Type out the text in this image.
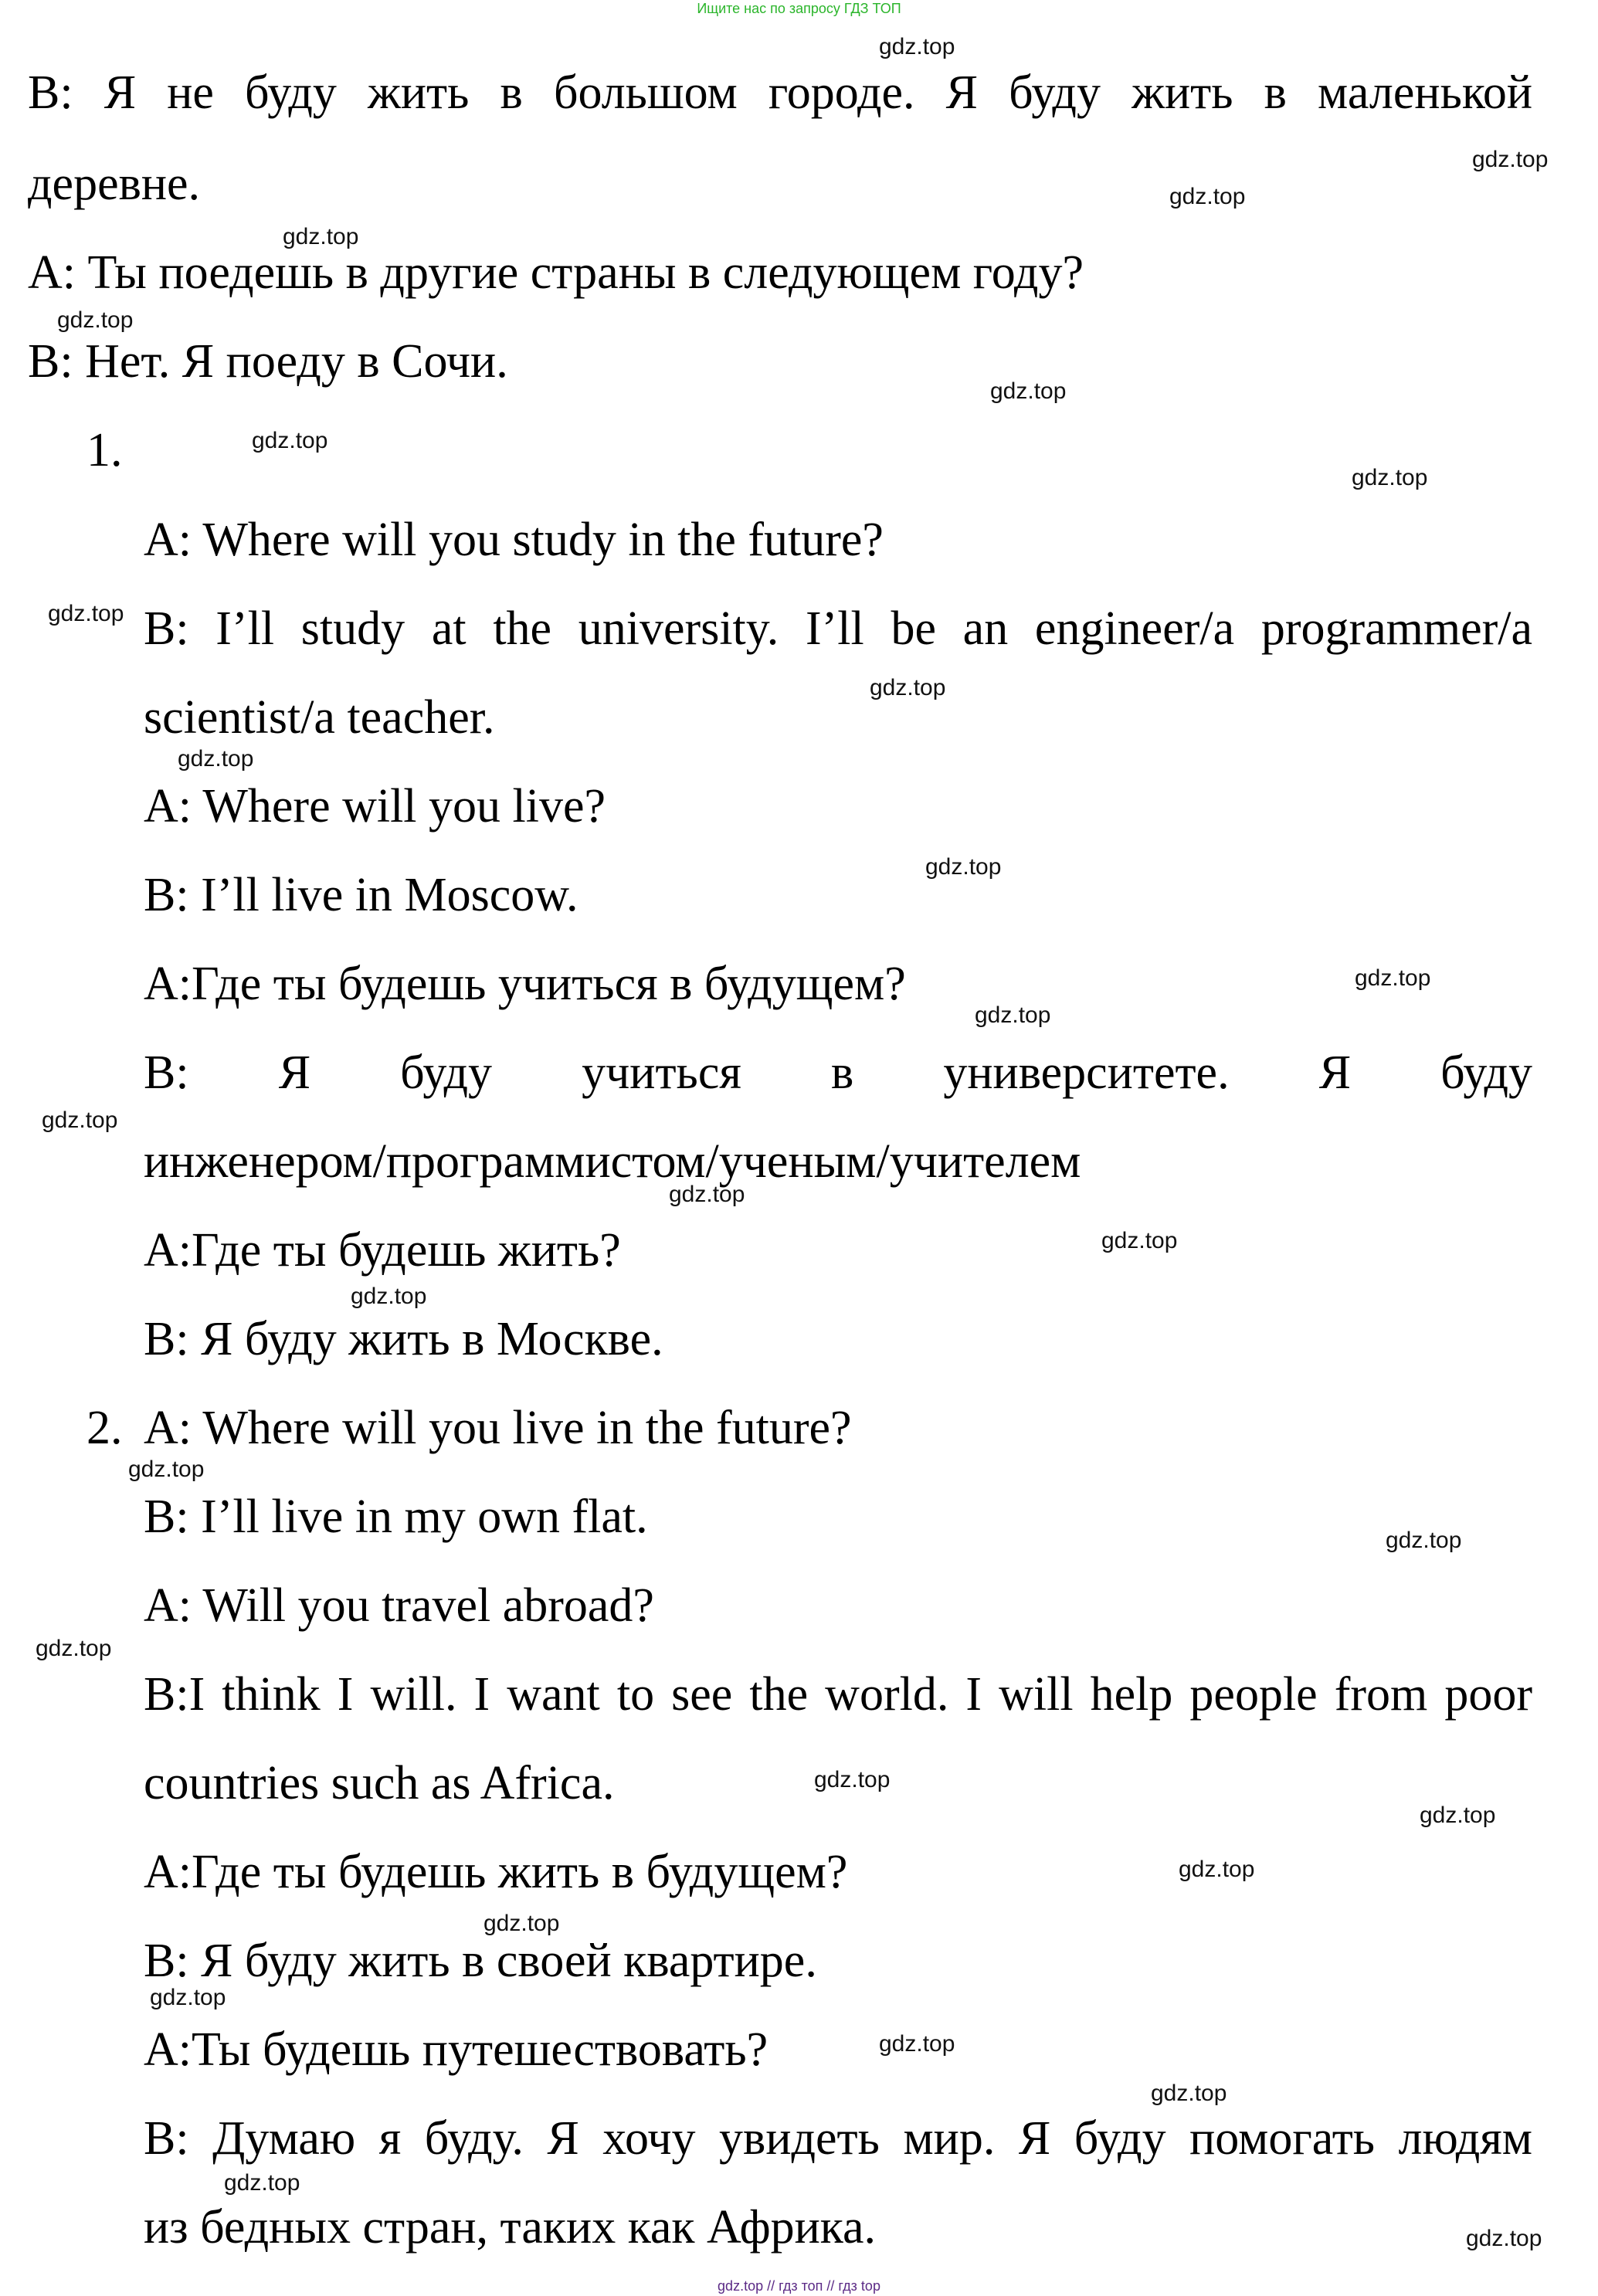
Ищите нас по запросу ГДЗ ТОП

B: Я не буду жить в большом городе. Я буду жить в маленькой

деревне.

А: Ты поедешь в другие страны в следующем году?

В: Нет. Я поеду в Сочи.

1.

A: Where will you study in the future?

B: I’ll study at the university. I’ll be an engineer/a programmer/a

scientist/a teacher.

A: Where will you live?

B: I’ll live in Moscow.

A:Где ты будешь учиться в будущем?

B: Я буду учиться в университете. Я буду

инженером/программистом/ученым/учителем

A:Где ты будешь жить?

B: Я буду жить в Москве.

2. A: Where will you live in the future?

B: I’ll live in my own flat.

A: Will you travel abroad?

B:I think I will. I want to see the world. I will help people from poor

countries such as Africa.

A:Где ты будешь жить в будущем?

B: Я буду жить в своей квартире.

A:Ты будешь путешествовать?

B: Думаю я буду. Я хочу увидеть мир. Я буду помогать людям

из бедных стран, таких как Африка.

gdz.top
gdz.top
gdz.top
gdz.top
gdz.top
gdz.top
gdz.top
gdz.top
gdz.top
gdz.top
gdz.top
gdz.top
gdz.top
gdz.top
gdz.top
gdz.top
gdz.top
gdz.top
gdz.top
gdz.top
gdz.top
gdz.top
gdz.top
gdz.top
gdz.top
gdz.top
gdz.top
gdz.top
gdz.top
gdz.top
gdz.top // гдз топ // гдз top
